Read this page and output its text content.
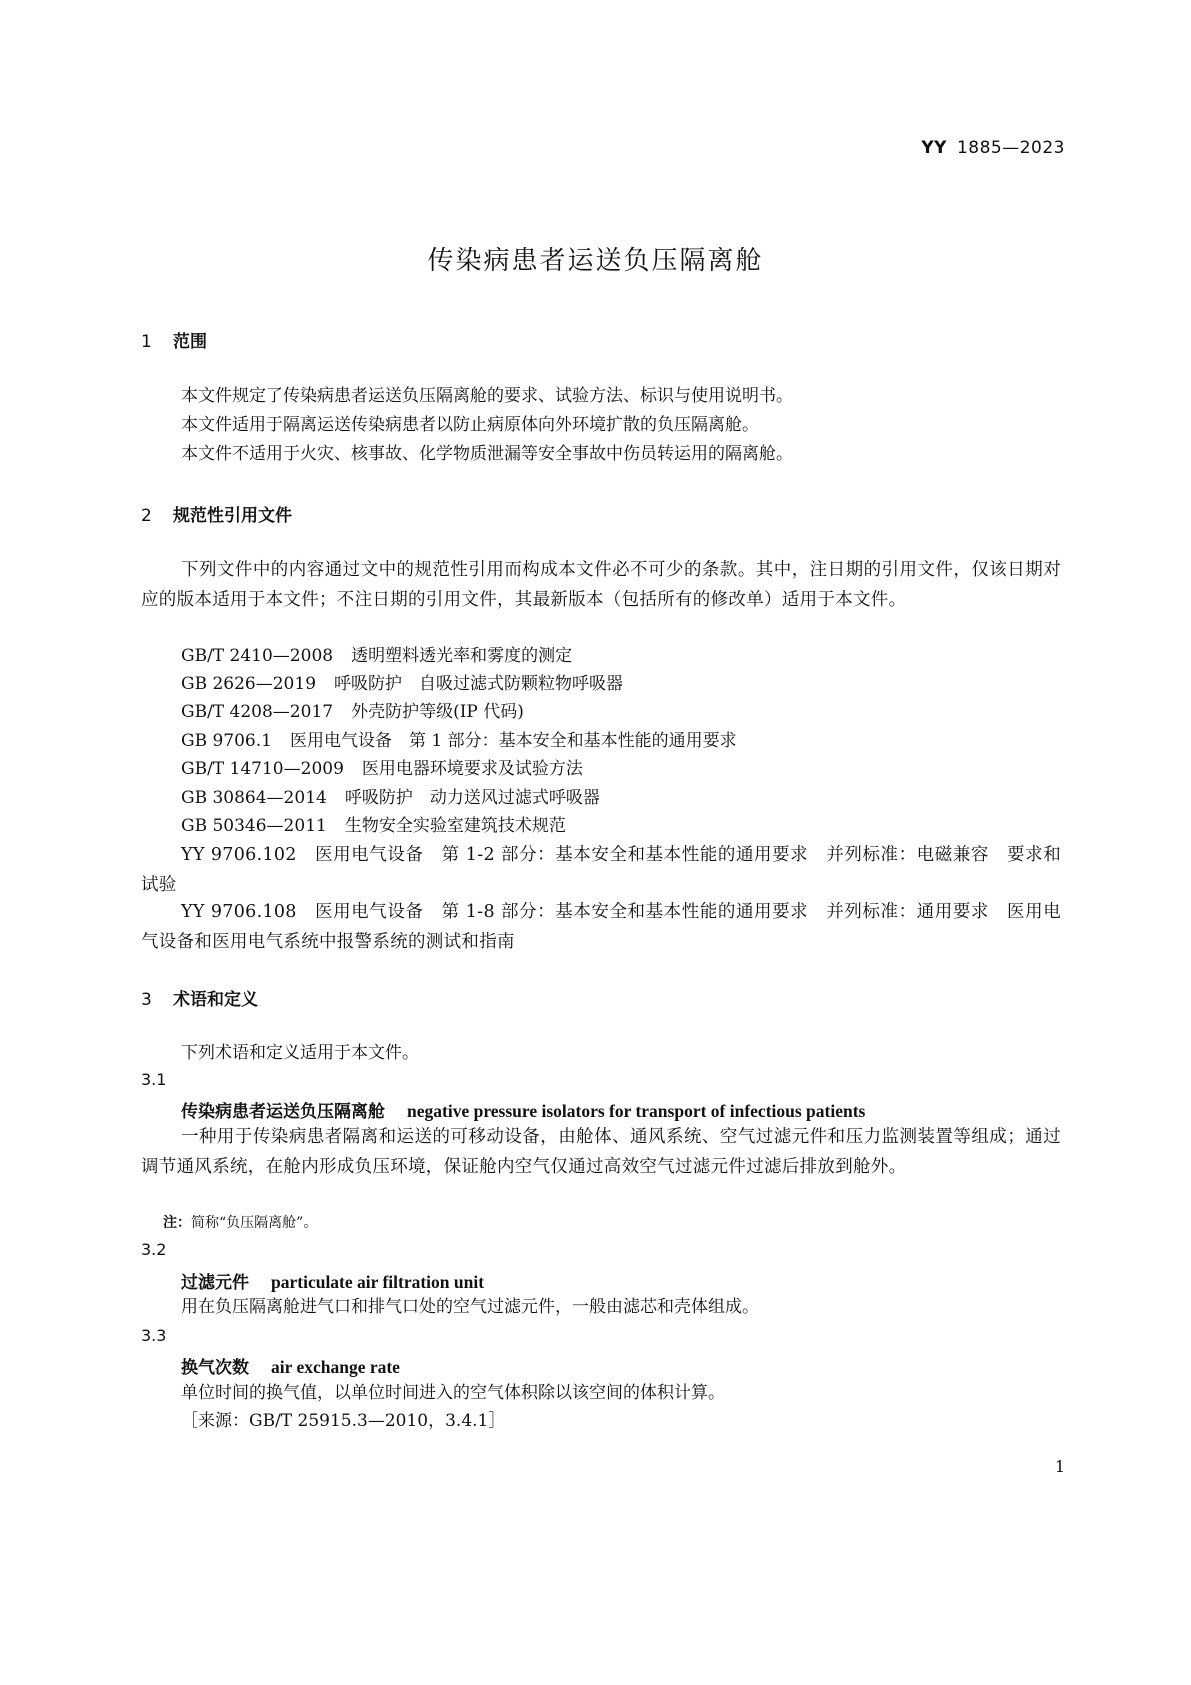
YY 1885—2023
传染病患者运送负压隔离舱
1 范围
本文件规定了传染病患者运送负压隔离舱的要求、试验方法、标识与使用说明书。
本文件适用于隔离运送传染病患者以防止病原体向外环境扩散的负压隔离舱。
本文件不适用于火灾、核事故、化学物质泄漏等安全事故中伤员转运用的隔离舱。
2 规范性引用文件
下列文件中的内容通过文中的规范性引用而构成本文件必不可少的条款。其中，注日期的引用文件，仅该日期对应的版本适用于本文件；不注日期的引用文件，其最新版本（包括所有的修改单）适用于本文件。
GB/T 2410—2008 透明塑料透光率和雾度的测定
GB 2626—2019 呼吸防护　自吸过滤式防颗粒物呼吸器
GB/T 4208—2017 外壳防护等级(IP 代码)
GB 9706.1 医用电气设备　第 1 部分：基本安全和基本性能的通用要求
GB/T 14710—2009 医用电器环境要求及试验方法
GB 30864—2014 呼吸防护　动力送风过滤式呼吸器
GB 50346—2011 生物安全实验室建筑技术规范
YY 9706.102　医用电气设备　第 1-2 部分：基本安全和基本性能的通用要求　并列标准：电磁兼容　要求和试验
YY 9706.108　医用电气设备　第 1-8 部分：基本安全和基本性能的通用要求　并列标准：通用要求　医用电气设备和医用电气系统中报警系统的测试和指南
3 术语和定义
下列术语和定义适用于本文件。
3.1
传染病患者运送负压隔离舱 negative pressure isolators for transport of infectious patients
一种用于传染病患者隔离和运送的可移动设备，由舱体、通风系统、空气过滤元件和压力监测装置等组成；通过调节通风系统，在舱内形成负压环境，保证舱内空气仅通过高效空气过滤元件过滤后排放到舱外。
注：简称“负压隔离舱”。
3.2
过滤元件 particulate air filtration unit
用在负压隔离舱进气口和排气口处的空气过滤元件，一般由滤芯和壳体组成。
3.3
换气次数 air exchange rate
单位时间的换气值，以单位时间进入的空气体积除以该空间的体积计算。
［来源：GB/T 25915.3—2010，3.4.1］
1
